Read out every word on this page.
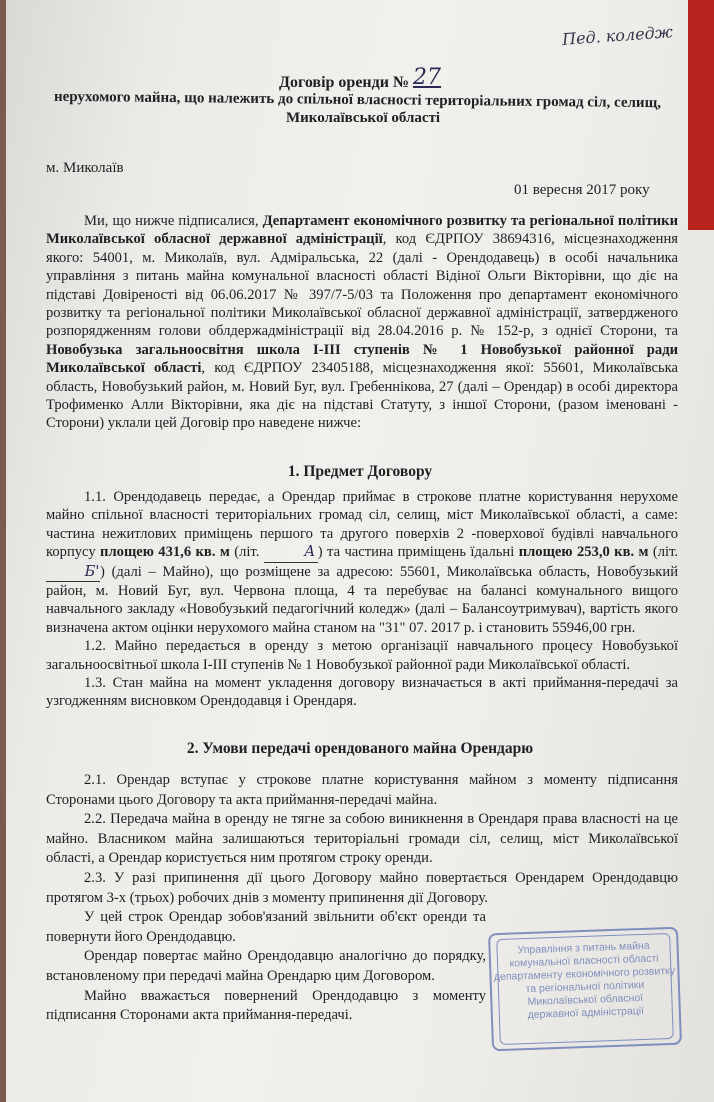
Пед. коледж
Договір оренди № 27
нерухомого майна, що належить до спільної власності територіальних громад сіл, селищ,
Миколаївської області
м. Миколаїв
01 вересня 2017 року

Ми, що нижче підписалися, Департамент економічного розвитку та регіональної політики Миколаївської обласної державної адміністрації, код ЄДРПОУ 38694316, місцезнаходження якого: 54001, м. Миколаїв, вул. Адміральська, 22 (далі - Орендодавець) в особі начальника управління з питань майна комунальної власності області Відіної Ольги Вікторівни, що діє на підставі Довіреності від 06.06.2017 № 397/7-5/03 та Положення про департамент економічного розвитку та регіональної політики Миколаївської обласної державної адміністрації, затвердженого розпорядженням голови облдержадміністрації від 28.04.2016 р. № 152-р, з однієї Сторони, та Новобузька загальноосвітня школа I-III ступенів № 1 Новобузької районної ради Миколаївської області, код ЄДРПОУ 23405188, місцезнаходження якої: 55601, Миколаївська область, Новобузький район, м. Новий Буг, вул. Гребеннікова, 27 (далі – Орендар) в особі директора Трофименко Алли Вікторівни, яка діє на підставі Статуту, з іншої Сторони, (разом іменовані - Сторони) уклали цей Договір про наведене нижче:

1. Предмет Договору

1.1. Орендодавець передає, а Орендар приймає в строкове платне користування нерухоме майно спільної власності територіальних громад сіл, селищ, міст Миколаївської області, а саме: частина нежитлових приміщень першого та другого поверхів 2 -поверхової будівлі навчального корпусу площею 431,6 кв. м (літ.	А ) та частина приміщень їдальні площею 253,0 кв. м (літ. Б') (далі – Майно), що розміщене за адресою: 55601, Миколаївська область, Новобузький район, м. Новий Буг, вул. Червона площа, 4 та перебуває на балансі комунального вищого навчального закладу «Новобузький педагогічний коледж» (далі – Балансоутримувач), вартість якого визначена актом оцінки нерухомого майна станом на "31" 07. 2017 р. і становить 55946,00 грн.

1.2. Майно передається в оренду з метою організації навчального процесу Новобузької загальноосвітньої школа I-III ступенів № 1 Новобузької районної ради Миколаївської області.

1.3. Стан майна на момент укладення договору визначається в акті приймання-передачі за узгодженням висновком Орендодавця і Орендаря.

2. Умови передачі орендованого майна Орендарю

2.1. Орендар вступає у строкове платне користування майном з моменту підписання Сторонами цього Договору та акта приймання-передачі майна.

2.2. Передача майна в оренду не тягне за собою виникнення в Орендаря права власності на це майно. Власником майна залишаються територіальні громади сіл, селищ, міст Миколаївської області, а Орендар користується ним протягом строку оренди.

2.3. У разі припинення дії цього Договору майно повертається Орендарем Орендодавцю протягом 3-х (трьох) робочих днів з моменту припинення дії Договору.

У цей строк Орендар зобов'язаний звільнити об'єкт оренди та повернути його Орендодавцю.

Орендар повертає майно Орендодавцю аналогічно до порядку, встановленому при передачі майна Орендарю цим Договором.

Майно вважається повернений Орендодавцю з моменту підписання Сторонами акта приймання-передачі.

Управління з питань майна
комунальної власності області
департаменту економічного розвитку
та регіональної політики
Миколаївської обласної
державної адміністрації
